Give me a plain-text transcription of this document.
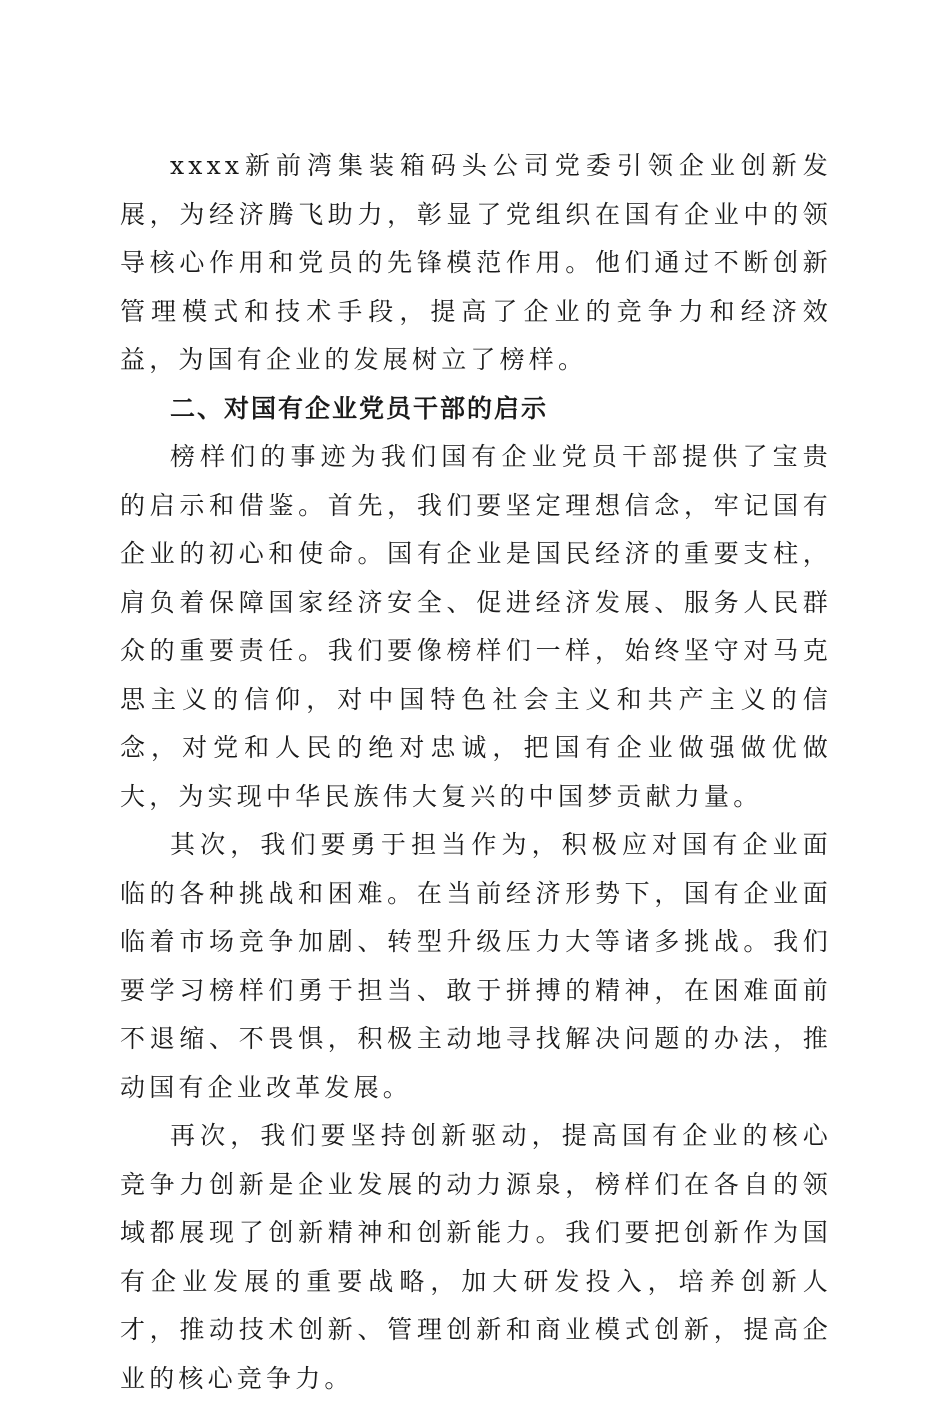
xxxx新前湾集装箱码头公司党委引领企业创新发展，为经济腾飞助力，彰显了党组织在国有企业中的领导核心作用和党员的先锋模范作用。他们通过不断创新管理模式和技术手段，提高了企业的竞争力和经济效益，为国有企业的发展树立了榜样。

二、对国有企业党员干部的启示

榜样们的事迹为我们国有企业党员干部提供了宝贵的启示和借鉴。首先，我们要坚定理想信念，牢记国有企业的初心和使命。国有企业是国民经济的重要支柱，肩负着保障国家经济安全、促进经济发展、服务人民群众的重要责任。我们要像榜样们一样，始终坚守对马克思主义的信仰，对中国特色社会主义和共产主义的信念，对党和人民的绝对忠诚，把国有企业做强做优做大，为实现中华民族伟大复兴的中国梦贡献力量。

其次，我们要勇于担当作为，积极应对国有企业面临的各种挑战和困难。在当前经济形势下，国有企业面临着市场竞争加剧、转型升级压力大等诸多挑战。我们要学习榜样们勇于担当、敢于拼搏的精神，在困难面前不退缩、不畏惧，积极主动地寻找解决问题的办法，推动国有企业改革发展。

再次，我们要坚持创新驱动，提高国有企业的核心竞争力创新是企业发展的动力源泉，榜样们在各自的领域都展现了创新精神和创新能力。我们要把创新作为国有企业发展的重要战略，加大研发投入，培养创新人才，推动技术创新、管理创新和商业模式创新，提高企业的核心竞争力。
